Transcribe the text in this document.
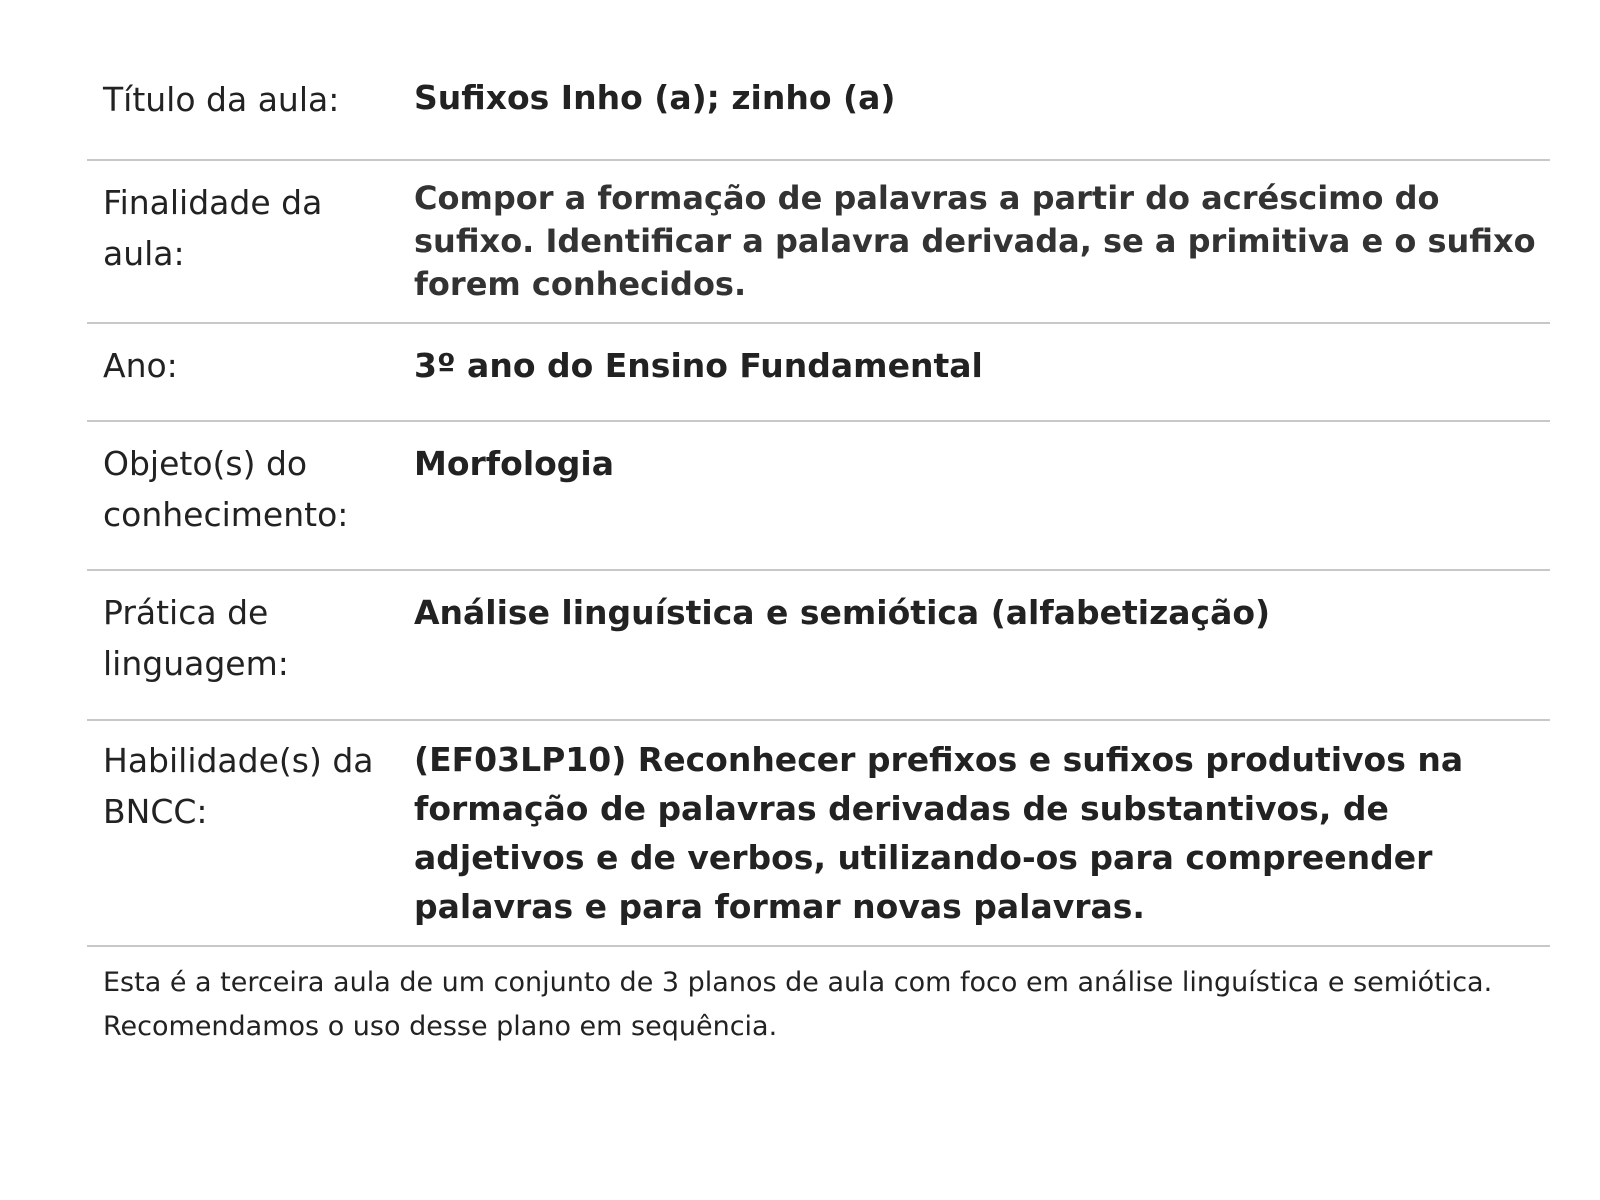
Título da aula:	Sufixos Inho (a); zinho (a)
Finalidade da aula:
Compor a formação de palavras a partir do acréscimo do sufixo. Identificar a palavra derivada, se a primitiva e o sufixo forem conhecidos.
Ano:	3º ano do Ensino Fundamental
Objeto(s) do conhecimento:
Morfologia
Prática de linguagem:
Análise linguística e semiótica (alfabetização)
Habilidade(s) da BNCC:
(EF03LP10) Reconhecer prefixos e sufixos produtivos na formação de palavras derivadas de substantivos, de adjetivos e de verbos, utilizando-os para compreender palavras e para formar novas palavras.
Esta é a terceira aula de um conjunto de 3 planos de aula com foco em análise linguística e semiótica. Recomendamos o uso desse plano em sequência.
